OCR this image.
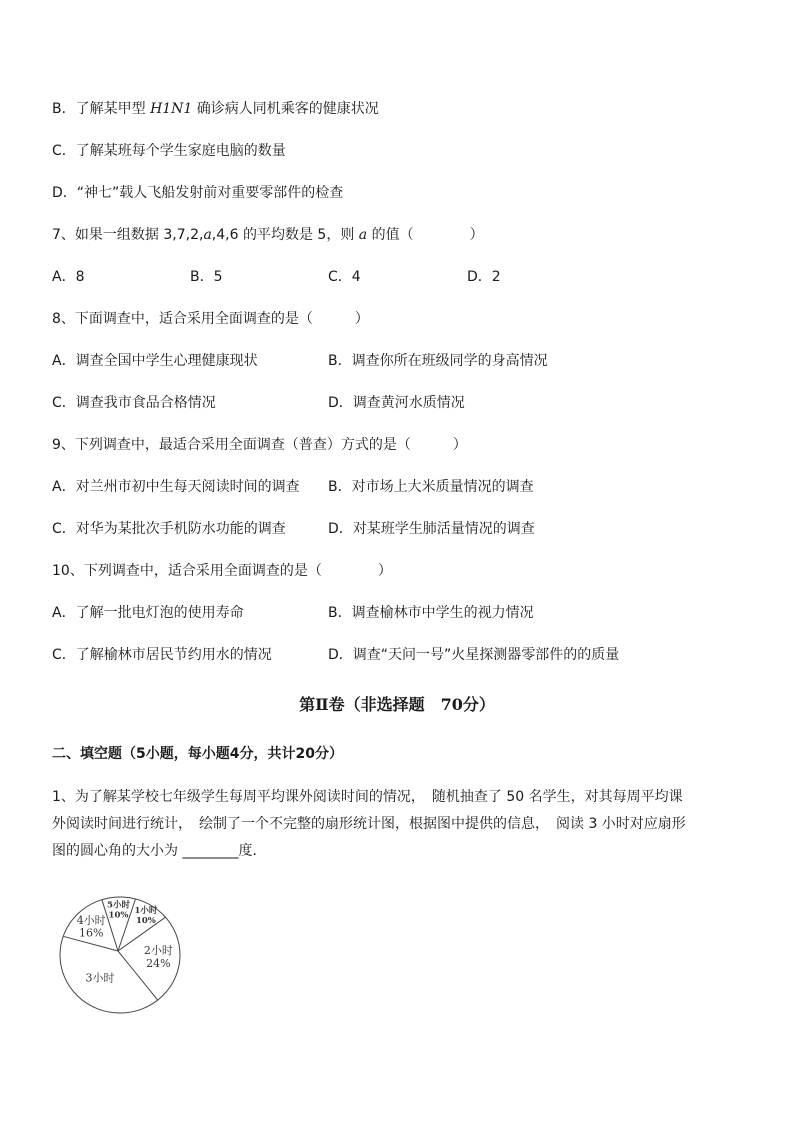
B．了解某甲型 H1N1 确诊病人同机乘客的健康状况
C．了解某班每个学生家庭电脑的数量
D．“神七”载人飞船发射前对重要零部件的检查
7、如果一组数据 3,7,2,a,4,6 的平均数是 5，则 a 的值（　　　　）
A．8	B．5	C．4	D．2
8、下面调查中，适合采用全面调查的是（　　　）
A．调查全国中学生心理健康现状	B．调查你所在班级同学的身高情况
C．调查我市食品合格情况	D．调查黄河水质情况
9、下列调查中，最适合采用全面调查（普查）方式的是（　　　）
A．对兰州市初中生每天阅读时间的调查 B．对市场上大米质量情况的调查
C．对华为某批次手机防水功能的调查	D．对某班学生肺活量情况的调查
10、下列调查中，适合采用全面调查的是（　　　　）
A．了解一批电灯泡的使用寿命	B．调查榆林市中学生的视力情况
C．了解榆林市居民节约用水的情况	D．调查“天问一号”火星探测器零部件的的质量
第Ⅱ卷（非选择题　70分）
二、填空题（5小题，每小题4分，共计20分）
1、为了解某学校七年级学生每周平均课外阅读时间的情况，　随机抽查了 50 名学生，对其每周平均课
外阅读时间进行统计，　绘制了一个不完整的扇形统计图，根据图中提供的信息，　阅读 3 小时对应扇形
图的圆心角的大小为 ________度．
4小时
16%
5小时
10% 1小时
10%
2小时
24%
3小时
